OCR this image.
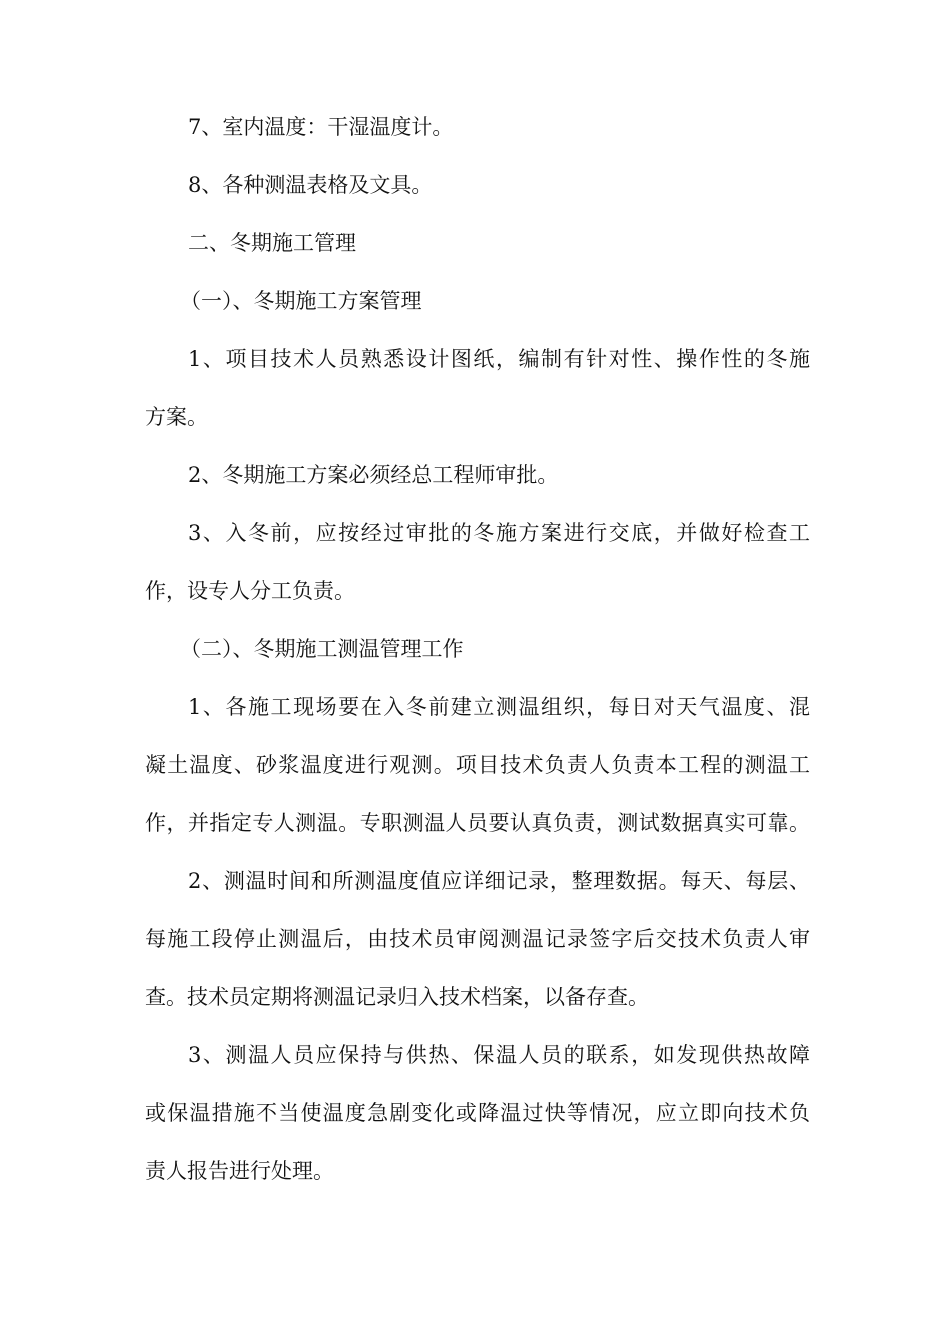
7、室内温度：干湿温度计。
8、各种测温表格及文具。
二、冬期施工管理
（一）、冬期施工方案管理
1、项目技术人员熟悉设计图纸，编制有针对性、操作性的冬施
方案。
2、冬期施工方案必须经总工程师审批。
3、入冬前，应按经过审批的冬施方案进行交底，并做好检查工
作，设专人分工负责。
（二）、冬期施工测温管理工作
1、各施工现场要在入冬前建立测温组织，每日对天气温度、混
凝土温度、砂浆温度进行观测。项目技术负责人负责本工程的测温工
作，并指定专人测温。专职测温人员要认真负责，测试数据真实可靠。
2、测温时间和所测温度值应详细记录，整理数据。每天、每层、
每施工段停止测温后，由技术员审阅测温记录签字后交技术负责人审
查。技术员定期将测温记录归入技术档案，以备存查。
3、测温人员应保持与供热、保温人员的联系，如发现供热故障
或保温措施不当使温度急剧变化或降温过快等情况，应立即向技术负
责人报告进行处理。
